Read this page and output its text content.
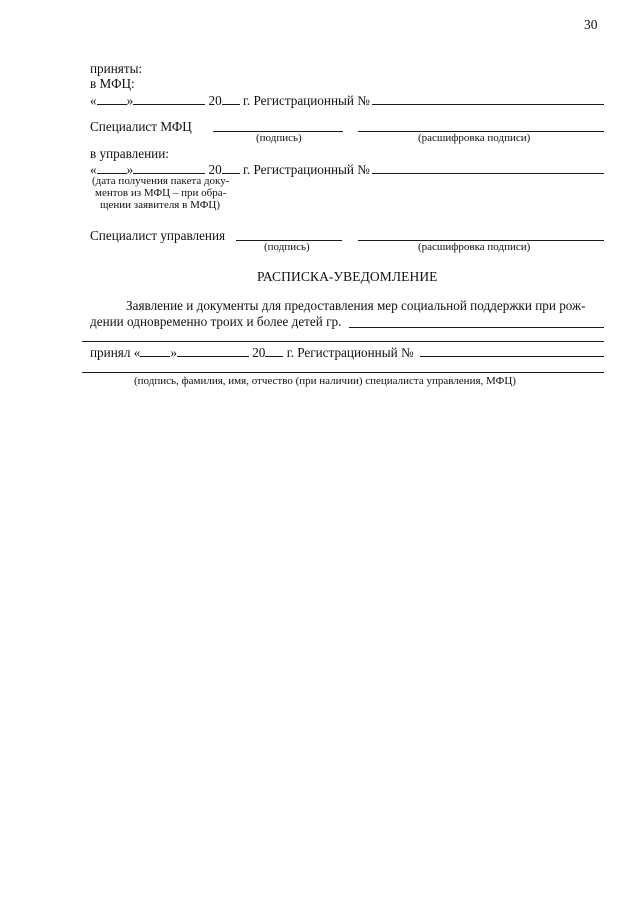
30
приняты:
в МФЦ:
« »	20 г. Регистрационный №
Специалист МФЦ
(подпись)	(расшифровка подписи)
в управлении:
« »	20 г. Регистрационный №
(дата получения пакета доку-
ментов из МФЦ – при обра-
щении заявителя в МФЦ)
Специалист управления
(подпись)	(расшифровка подписи)
РАСПИСКА-УВЕДОМЛЕНИЕ
Заявление и документы для предоставления мер социальной поддержки при рож-
дении одновременно троих и более детей гр.
принял « »	20 г. Регистрационный №
(подпись, фамилия, имя, отчество (при наличии) специалиста управления, МФЦ)
